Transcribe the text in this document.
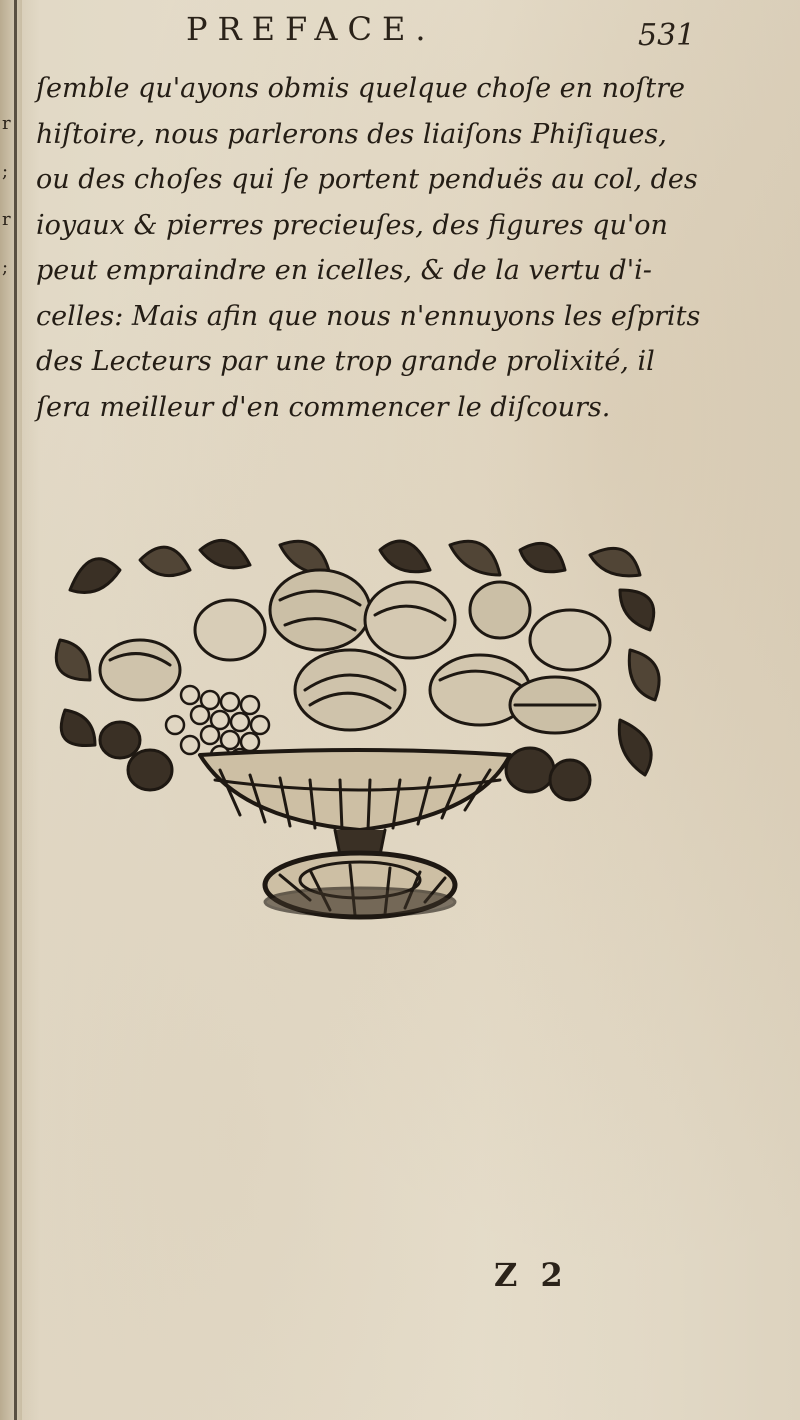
r
;
r
;
PREFACE.	531
ſemble qu'ayons obmis quelque choſe en noſtre
hiſtoire, nous parlerons des liaiſons Phiſiques,
ou des choſes qui ſe portent penduës au col, des
ioyaux & pierres precieuſes, des figures qu'on
peut empraindre en icelles, & de la vertu d'i-
celles: Mais afin que nous n'ennuyons les eſprits
des Lecteurs par une trop grande prolixité, il
ſera meilleur d'en commencer le diſcours.
Z 2
